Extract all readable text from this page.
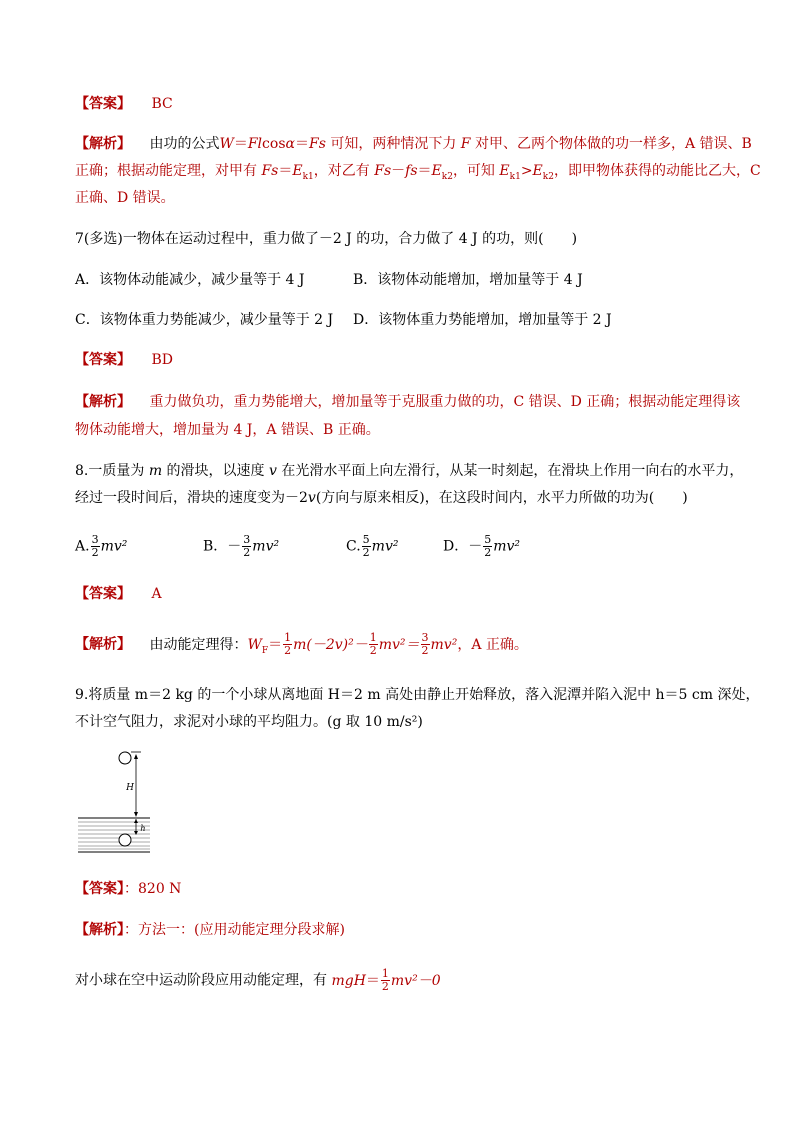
【答案】 BC
【解析】 由功的公式W＝Flcosα＝Fs 可知，两种情况下力 F 对甲、乙两个物体做的功一样多，A 错误、B
正确；根据动能定理，对甲有 $Fs=E_{k1}$，对乙有 $Fs-fs=E_{k2}$，可知 $E_{k1}>E_{k2}$，即甲物体获得的动能比乙大，C
正确、D 错误。
7(多选)一物体在运动过程中，重力做了－2 J 的功，合力做了 4 J 的功，则(　　)
A．该物体动能减少，减少量等于 4 J	B．该物体动能增加，增加量等于 4 J
C．该物体重力势能减少，减少量等于 2 J D．该物体重力势能增加，增加量等于 2 J
【答案】 BD
【解析】 重力做负功，重力势能增大，增加量等于克服重力做的功，C 错误、D 正确；根据动能定理得该
物体动能增大，增加量为 4 J，A 错误、B 正确。
8.一质量为 m 的滑块，以速度 v 在光滑水平面上向左滑行，从某一时刻起，在滑块上作用一向右的水平力，
经过一段时间后，滑块的速度变为－2v(方向与原来相反)，在这段时间内，水平力所做的功为(　　)
A. $\frac{3}{2} mv^2$	B．－ $\frac{3}{2} mv^2$	C. $\frac{5}{2} mv^2$	D．－ $\frac{5}{2} mv^2$
【答案】 A
【解析】 由动能定理得：$W_F= \frac{1}{2} m(-2v)^2- \frac{1}{2} mv^2= \frac{3}{2} mv^2$，A 正确。
9.将质量 m＝2 kg 的一个小球从离地面 H＝2 m 高处由静止开始释放，落入泥潭并陷入泥中 h＝5 cm 深处，
不计空气阻力，求泥对小球的平均阻力。(g 取 10 m/s²)
H
h
【答案】：820 N
【解析】：方法一：(应用动能定理分段求解)
对小球在空中运动阶段应用动能定理，有 $mgH= \frac{1}{2} mv^2-0$
